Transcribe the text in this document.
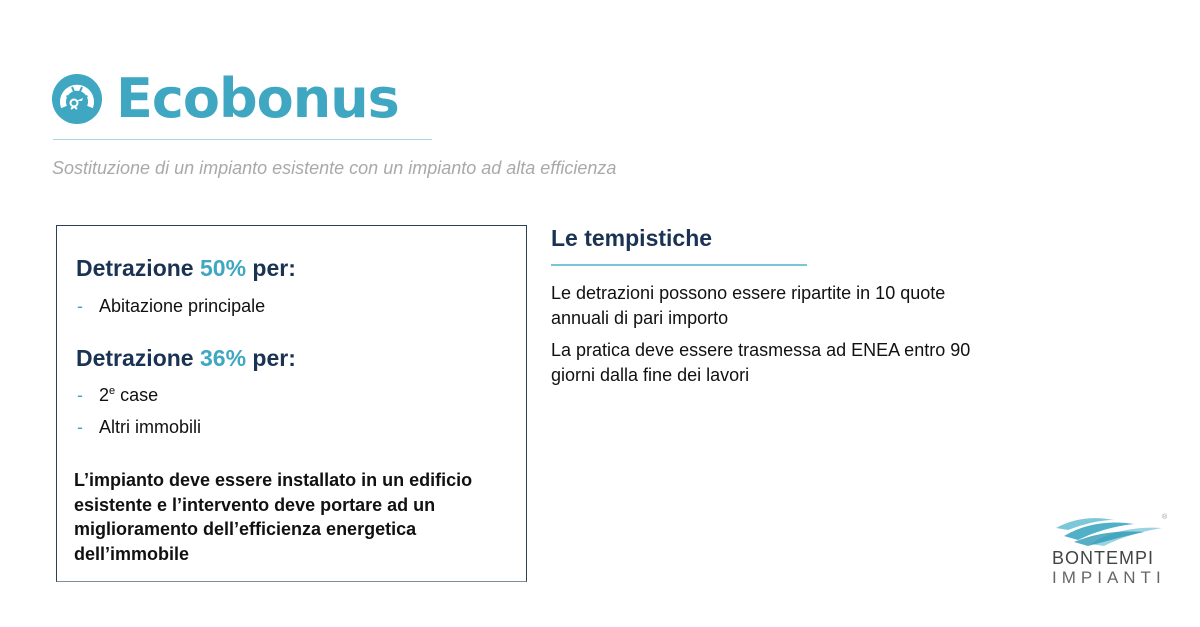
Ecobonus
Sostituzione di un impianto esistente con un impianto ad alta efficienza
Detrazione 50% per:
- Abitazione principale
Detrazione 36% per:
- 2e case
- Altri immobili
L’impianto deve essere installato in un edificio esistente e l’intervento deve portare ad un miglioramento dell’efficienza energetica dell’immobile
Le tempistiche
Le detrazioni possono essere ripartite in 10 quote annuali di pari importo
La pratica deve essere trasmessa ad ENEA entro 90 giorni dalla fine dei lavori
®
BONTEMPI
IMPIANTI
